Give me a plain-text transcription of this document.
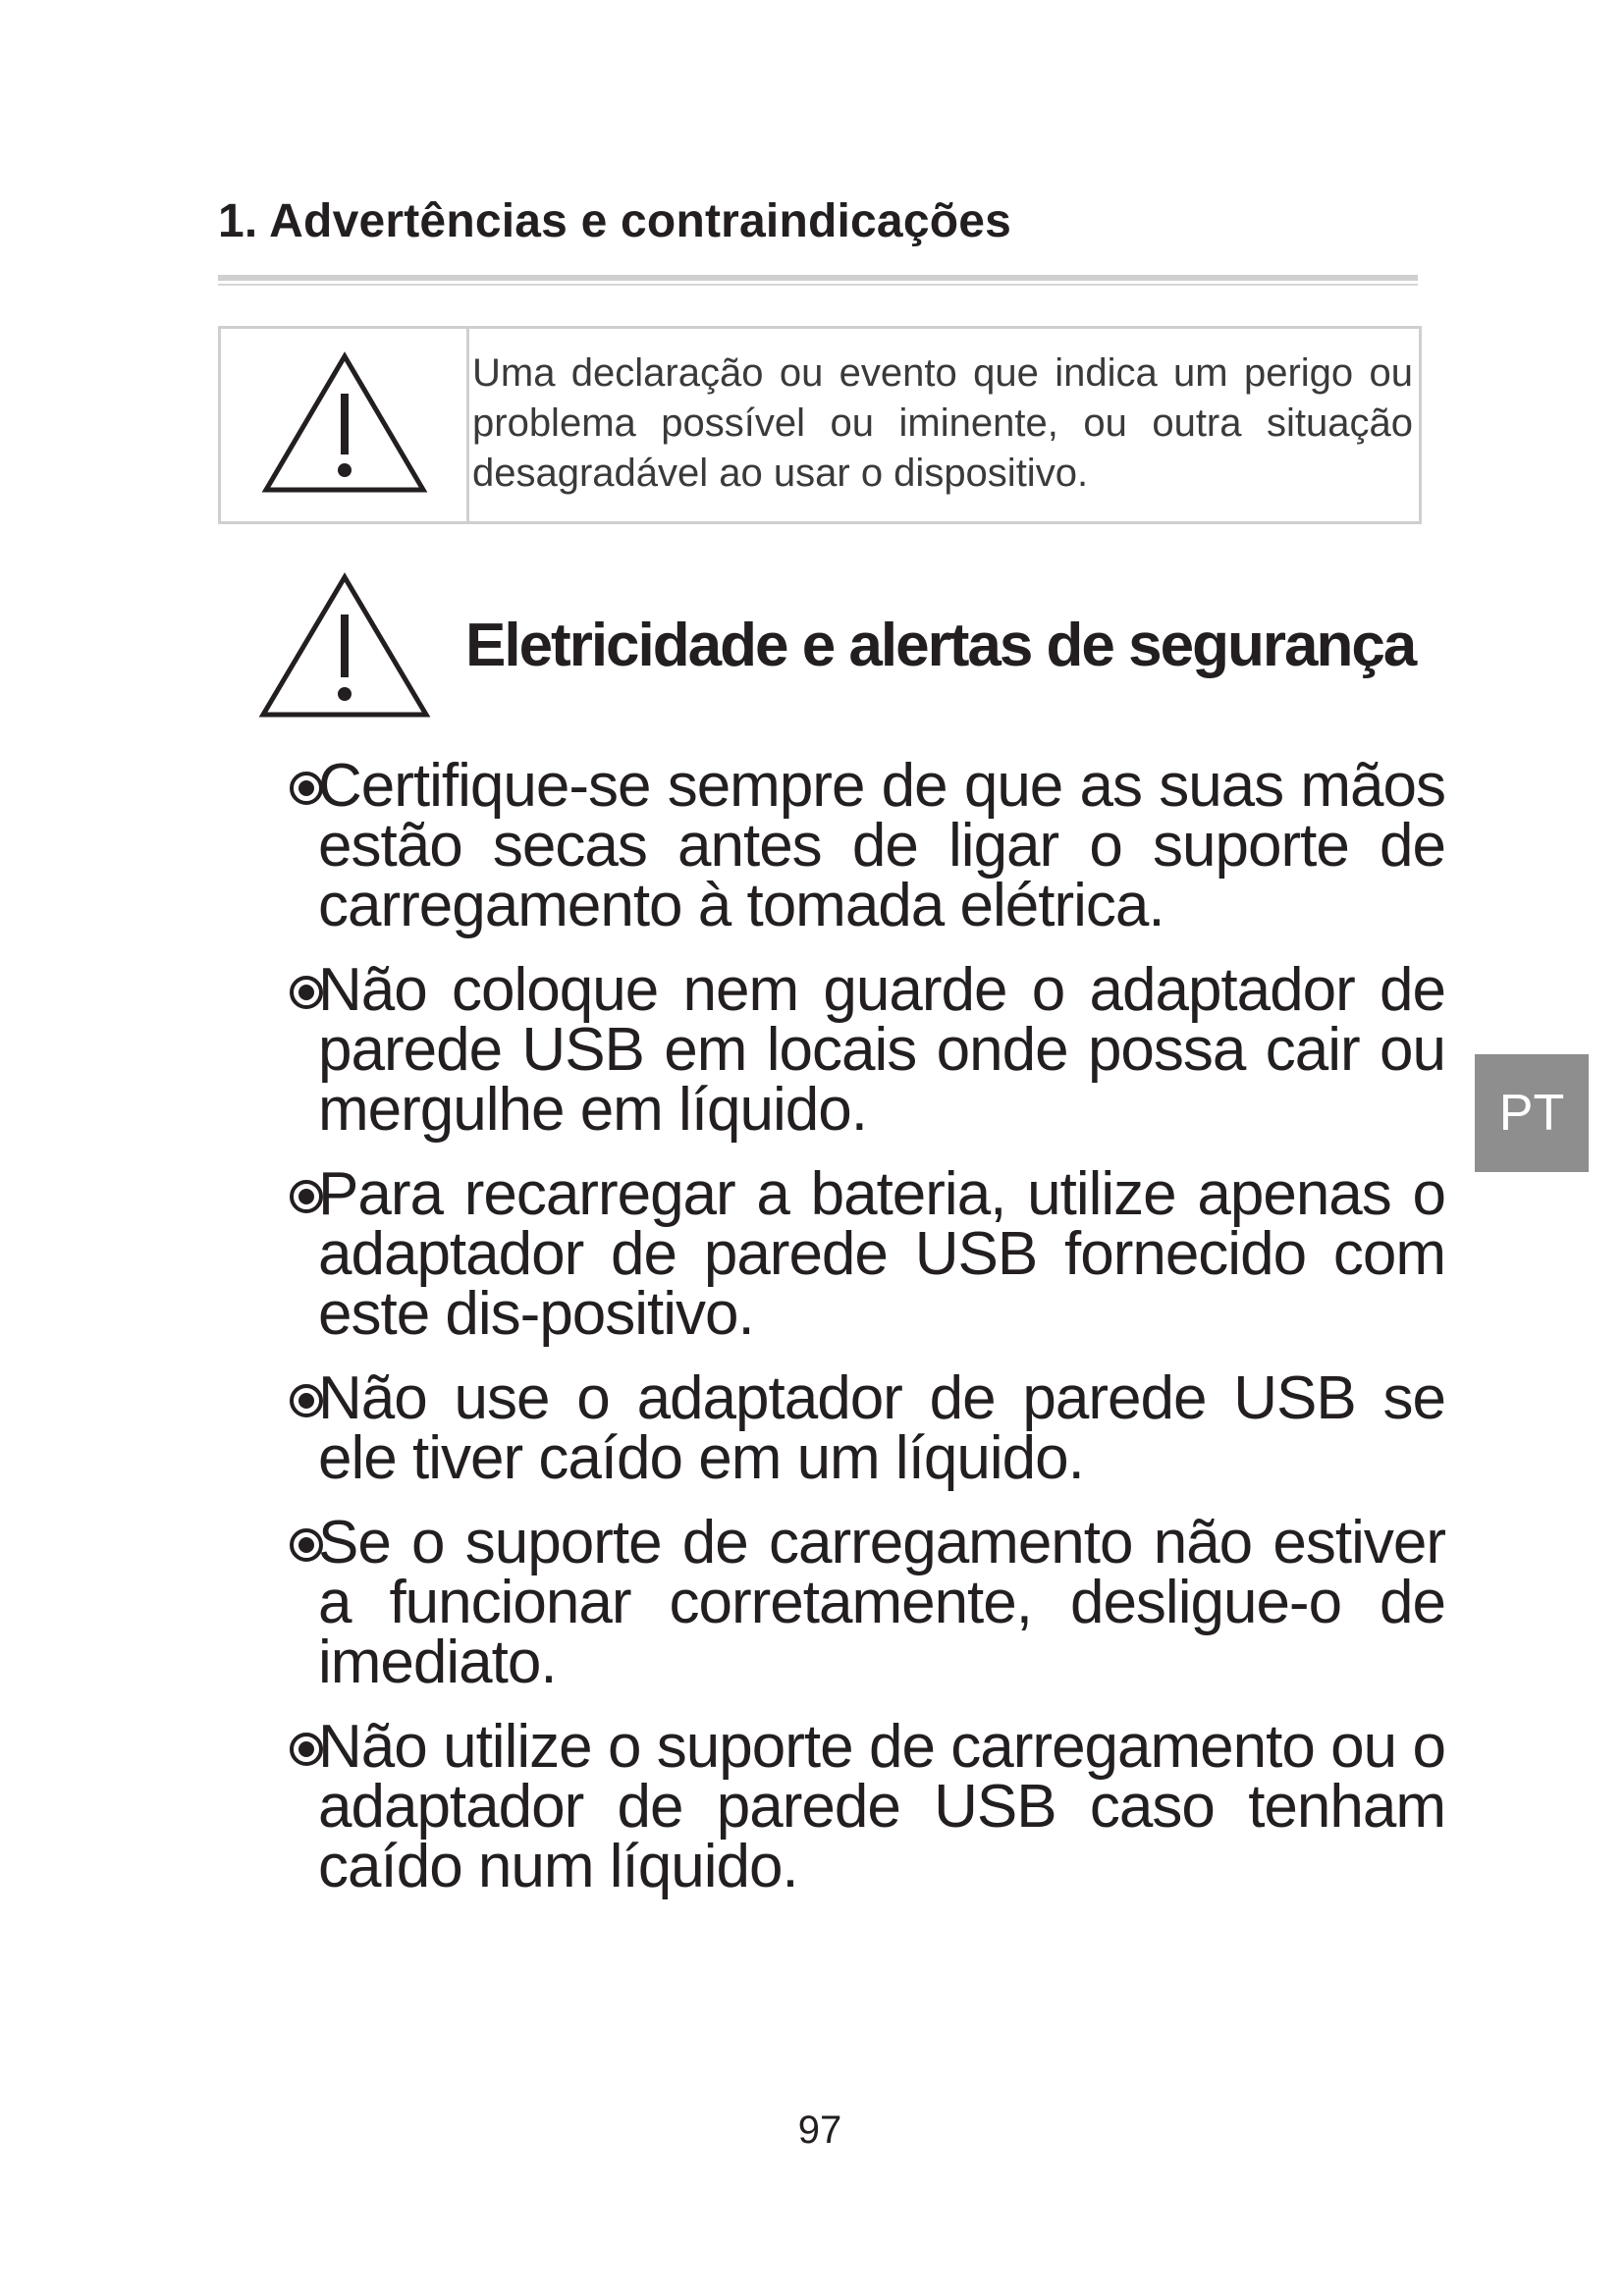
1. Advertências e contraindicações
Uma declaração ou evento que indica um perigo ou problema possível ou iminente, ou outra situação desagradável ao usar o dispositivo.
Eletricidade e alertas de segurança
Certifique-se sempre de que as suas mãos estão secas antes de ligar o suporte de carregamento à tomada elétrica.
Não coloque nem guarde o adaptador de parede USB em locais onde possa cair ou mergulhe em líquido.
Para recarregar a bateria, utilize apenas o adaptador de parede USB fornecido com este dis-positivo.
Não use o adaptador de parede USB se ele tiver caído em um líquido.
Se o suporte de carregamento não estiver a funcionar corretamente, desligue-o de imediato.
Não utilize o suporte de carregamento ou o adaptador de parede USB caso tenham caído num líquido.
PT
97
